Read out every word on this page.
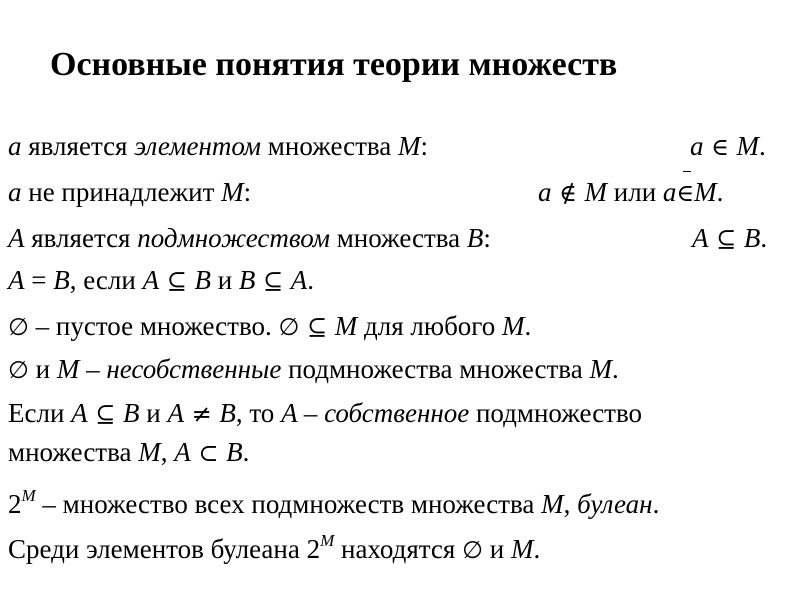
Основные понятия теории множеств
a является элементом множества M:	a ∈ M.
a не принадлежит M:	a ∉ M или a∈M.
A является подмножеством множества B:	A ⊆ B.
A = B, если A ⊆ B и B ⊆ A.
∅ – пустое множество. ∅ ⊆ M для любого M.
∅ и M – несобственные подмножества множества M.
Если A ⊆ B и A ≠ B, то A – собственное подмножество множества M, A ⊂ B.
$2^M$ – множество всех подмножеств множества M, булеан.
Среди элементов булеана $2^M$ находятся ∅ и M.
